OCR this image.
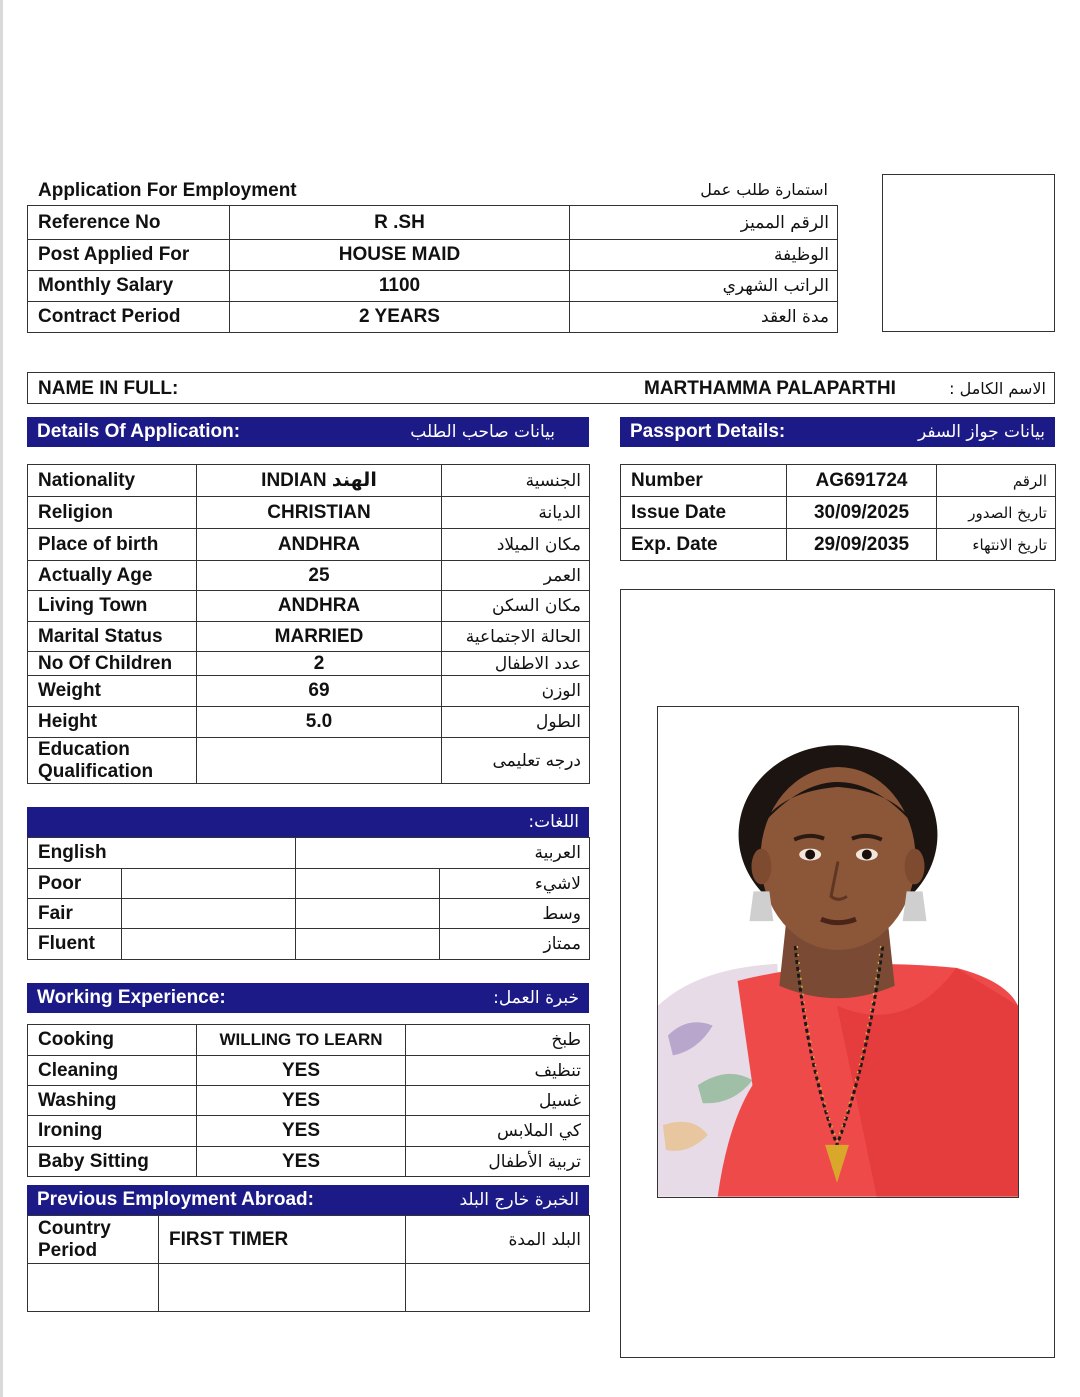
Application For Employment	استمارة طلب عمل
Reference No	R .SH	الرقم المميز
Post Applied For	HOUSE MAID	الوظيفة
Monthly Salary	1100	الراتب الشهري
Contract Period	2 YEARS	مدة العقد
NAME IN FULL:	MARTHAMMA PALAPARTHI	الاسم الكامل :
Details Of Application:	بيانات صاحب الطلب	Passport Details:	بيانات جواز السفر
Nationality	INDIAN الهند	الجنسية
Religion	CHRISTIAN	الديانة
Place of birth	ANDHRA	مكان الميلاد
Actually Age	25	العمر
Living Town	ANDHRA	مكان السكن
Marital Status	MARRIED	الحالة الاجتماعية
No Of Children	2	عدد الاطفال
Weight	69	الوزن
Height	5.0	الطول

Education
Qualification		درجه تعليمى
Number	AG691724	الرقم
Issue Date	30/09/2025	تاريخ الصدور
Exp. Date	29/09/2035	تاريخ الانتهاء
اللغات:
English		العربية	
Poor			لاشيء
Fair			وسط
Fluent			ممتاز
Working Experience:	خبرة العمل:
Cooking	WILLING TO LEARN	طبخ
Cleaning	YES	تنظيف
Washing	YES	غسيل
Ironing	YES	كي الملابس
Baby Sitting	YES	تربية الأطفال
Previous Employment Abroad:	الخبرة خارج البلد
Country
Period	FIRST TIMER	البلد المدة
